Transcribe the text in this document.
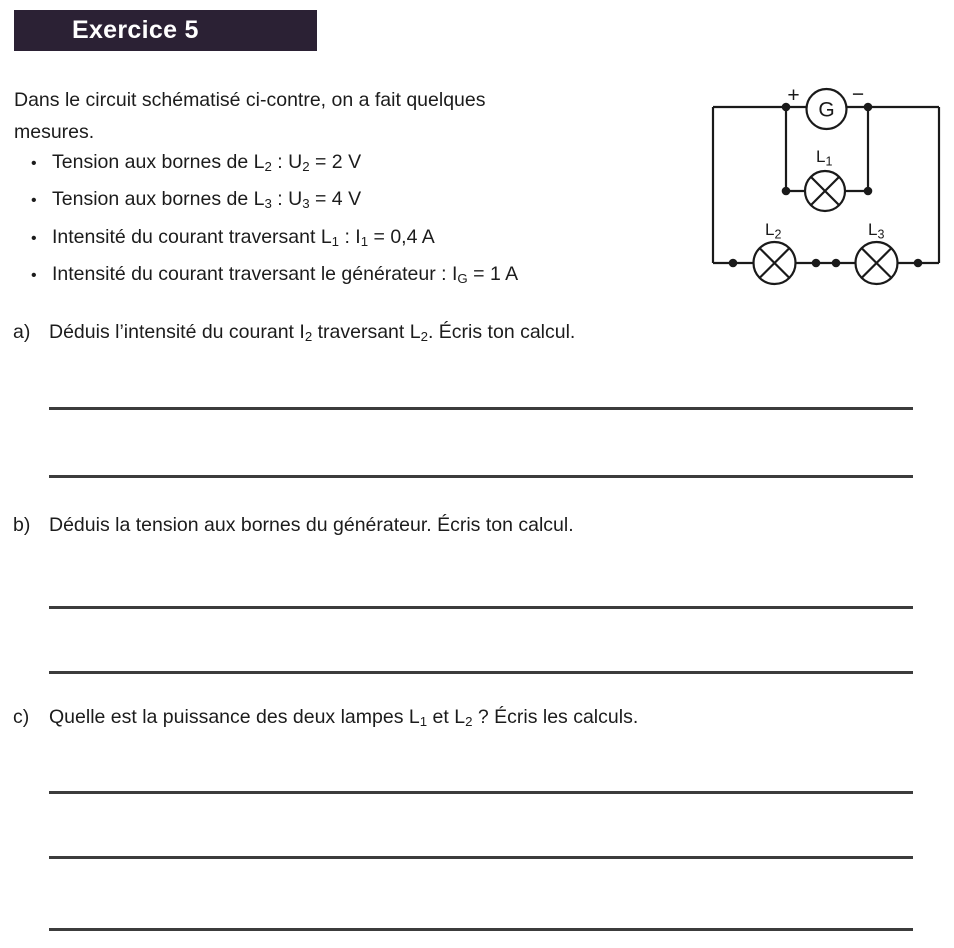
Exercice 5
Dans le circuit schématisé ci-contre, on a fait quelques
mesures.
• Tension aux bornes de $L_2$ : $U_2 = 2$ V
• Tension aux bornes de $L_3$ : $U_3 = 4$ V
• Intensité du courant traversant $L_1$ : $I_1 = 0,4$ A
• Intensité du courant traversant le générateur : $I_G = 1$ A
a) Déduis l’intensité du courant $I_2$ traversant $L_2$. Écris ton calcul.
b) Déduis la tension aux bornes du générateur. Écris ton calcul.
c)	Quelle est la puissance des deux lampes $L_1$ et $L_2$ ? Écris les calculs.
+ −
G
$L_1$
$L_2$	$L_3$
